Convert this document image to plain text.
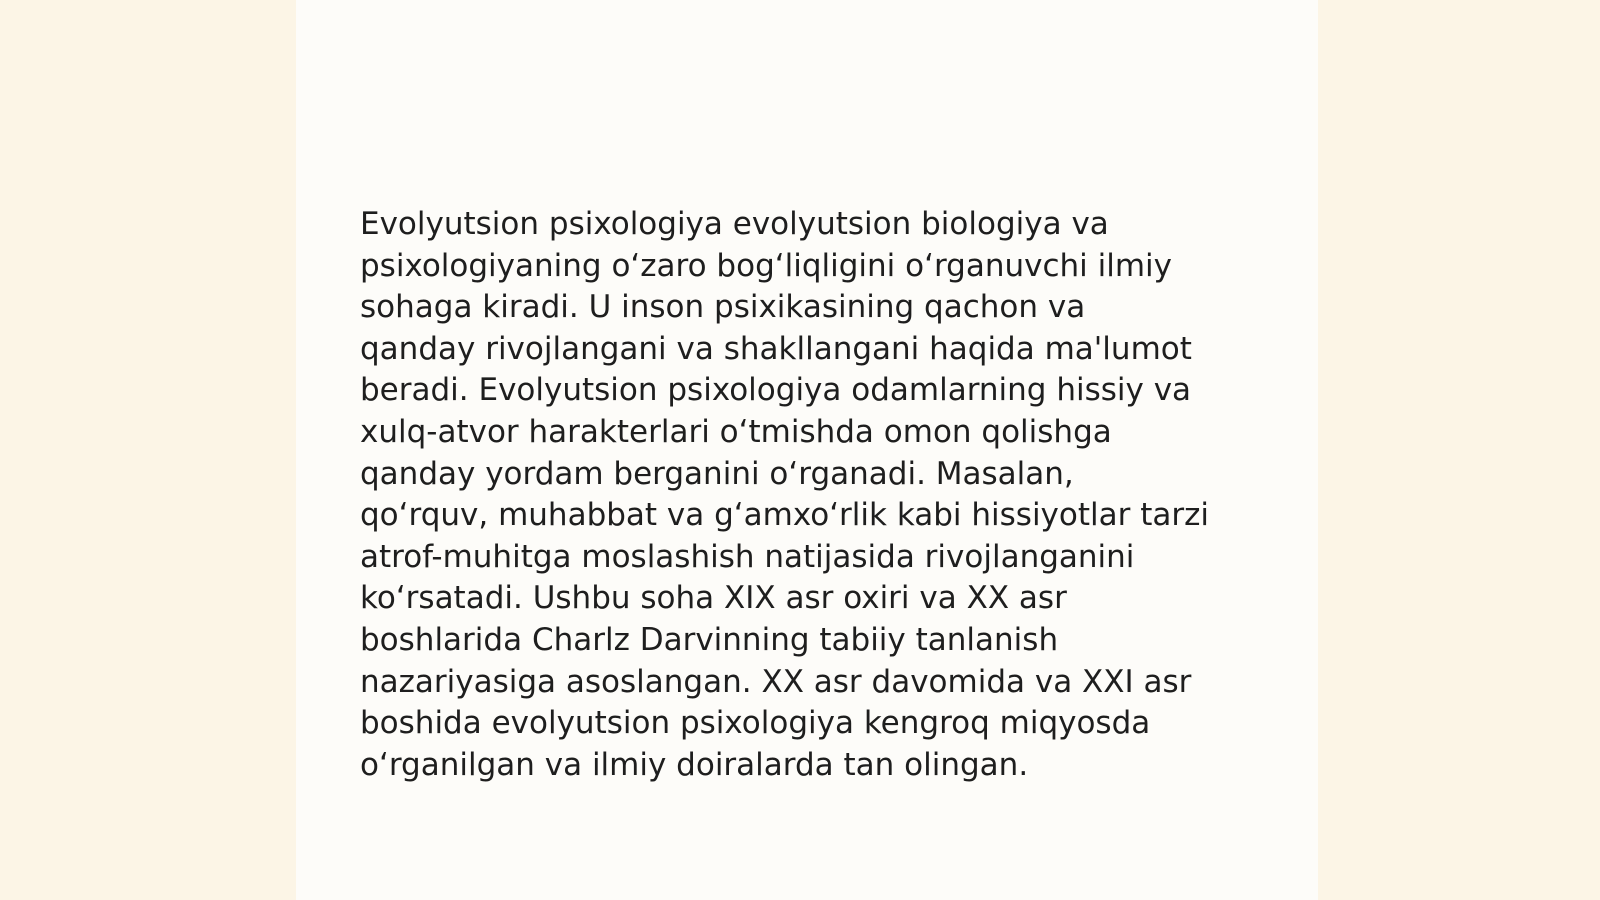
Evolyutsion psixologiya evolyutsion biologiya va
psixologiyaning oʻzaro bogʻliqligini oʻrganuvchi ilmiy
sohaga kiradi. U inson psixikasining qachon va
qanday rivojlangani va shakllangani haqida ma'lumot
beradi. Evolyutsion psixologiya odamlarning hissiy va
xulq-atvor harakterlari oʻtmishda omon qolishga
qanday yordam berganini oʻrganadi. Masalan,
qoʻrquv, muhabbat va gʻamxoʻrlik kabi hissiyotlar tarzi
atrof-muhitga moslashish natijasida rivojlanganini
koʻrsatadi. Ushbu soha XIX asr oxiri va XX asr
boshlarida Charlz Darvinning tabiiy tanlanish
nazariyasiga asoslangan. XX asr davomida va XXI asr
boshida evolyutsion psixologiya kengroq miqyosda
oʻrganilgan va ilmiy doiralarda tan olingan.
